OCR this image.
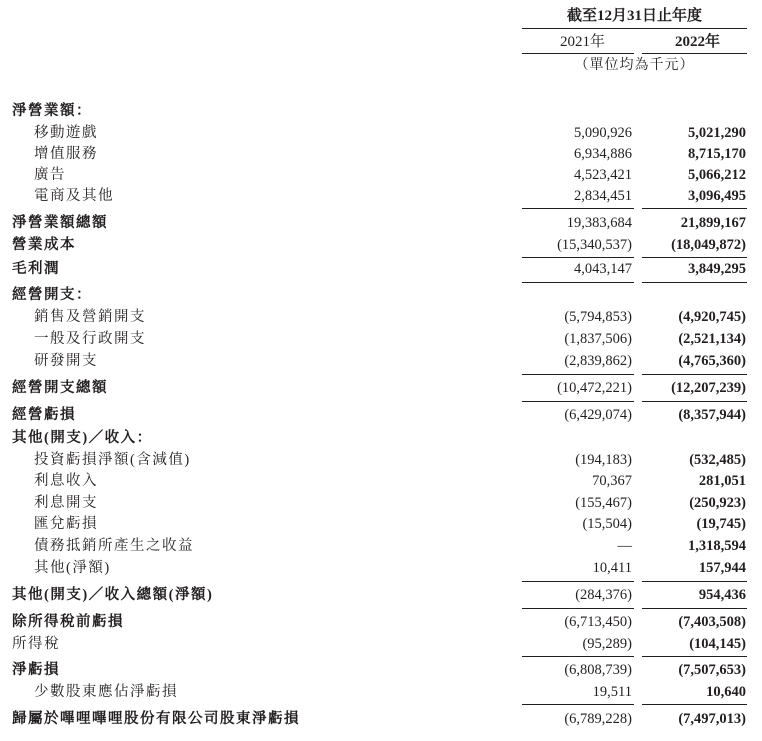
截至12月31日止年度
2021年	2022年
（單位均為千元）
淨營業額：
移動遊戲	5,090,926	5,021,290
增值服務	6,934,886	8,715,170
廣告	4,523,421	5,066,212
電商及其他	2,834,451	3,096,495
淨營業額總額	19,383,684	21,899,167
營業成本	(15,340,537)	(18,049,872)
毛利潤	4,043,147	3,849,295
經營開支：
銷售及營銷開支	(5,794,853)	(4,920,745)
一般及行政開支	(1,837,506)	(2,521,134)
研發開支	(2,839,862)	(4,765,360)
經營開支總額	(10,472,221)	(12,207,239)
經營虧損	(6,429,074)	(8,357,944)
其他(開支)／收入：
投資虧損淨額(含減值)	(194,183)	(532,485)
利息收入	70,367	281,051
利息開支	(155,467)	(250,923)
匯兌虧損	(15,504)	(19,745)
債務抵銷所產生之收益	—	1,318,594
其他(淨額)	10,411	157,944
其他(開支)／收入總額(淨額)	(284,376)	954,436
除所得稅前虧損	(6,713,450)	(7,403,508)
所得稅	(95,289)	(104,145)
淨虧損	(6,808,739)	(7,507,653)
少數股東應佔淨虧損	19,511	10,640
歸屬於嗶哩嗶哩股份有限公司股東淨虧損	(6,789,228)	(7,497,013)
